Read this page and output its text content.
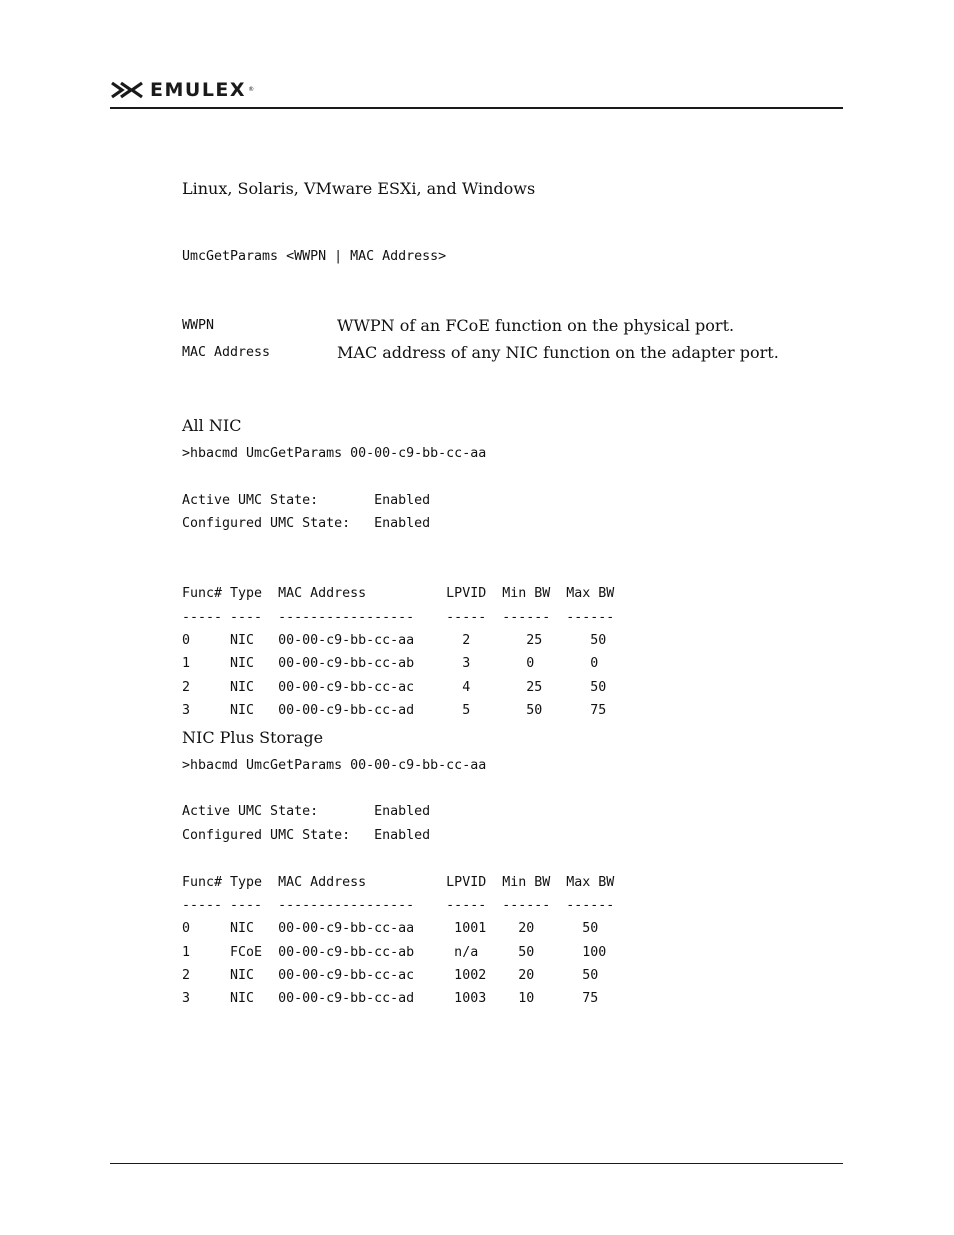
EMULEX ®
Linux, Solaris, VMware ESXi, and Windows
UmcGetParams <WWPN | MAC Address>
WWPN	WWPN of an FCoE function on the physical port.
MAC Address	MAC address of any NIC function on the adapter port.
All NIC
>hbacmd UmcGetParams 00-00-c9-bb-cc-aa
Active UMC State:       Enabled
Configured UMC State:   Enabled
Func# Type  MAC Address          LPVID  Min BW  Max BW
----- ----  -----------------    -----  ------  ------
0     NIC   00-00-c9-bb-cc-aa      2       25      50
1     NIC   00-00-c9-bb-cc-ab      3       0       0
2     NIC   00-00-c9-bb-cc-ac      4       25      50
3     NIC   00-00-c9-bb-cc-ad      5       50      75
NIC Plus Storage
>hbacmd UmcGetParams 00-00-c9-bb-cc-aa
Active UMC State:       Enabled
Configured UMC State:   Enabled
Func# Type  MAC Address          LPVID  Min BW  Max BW
----- ----  -----------------    -----  ------  ------
0     NIC   00-00-c9-bb-cc-aa     1001    20      50
1     FCoE  00-00-c9-bb-cc-ab     n/a     50      100
2     NIC   00-00-c9-bb-cc-ac     1002    20      50
3     NIC   00-00-c9-bb-cc-ad     1003    10      75
